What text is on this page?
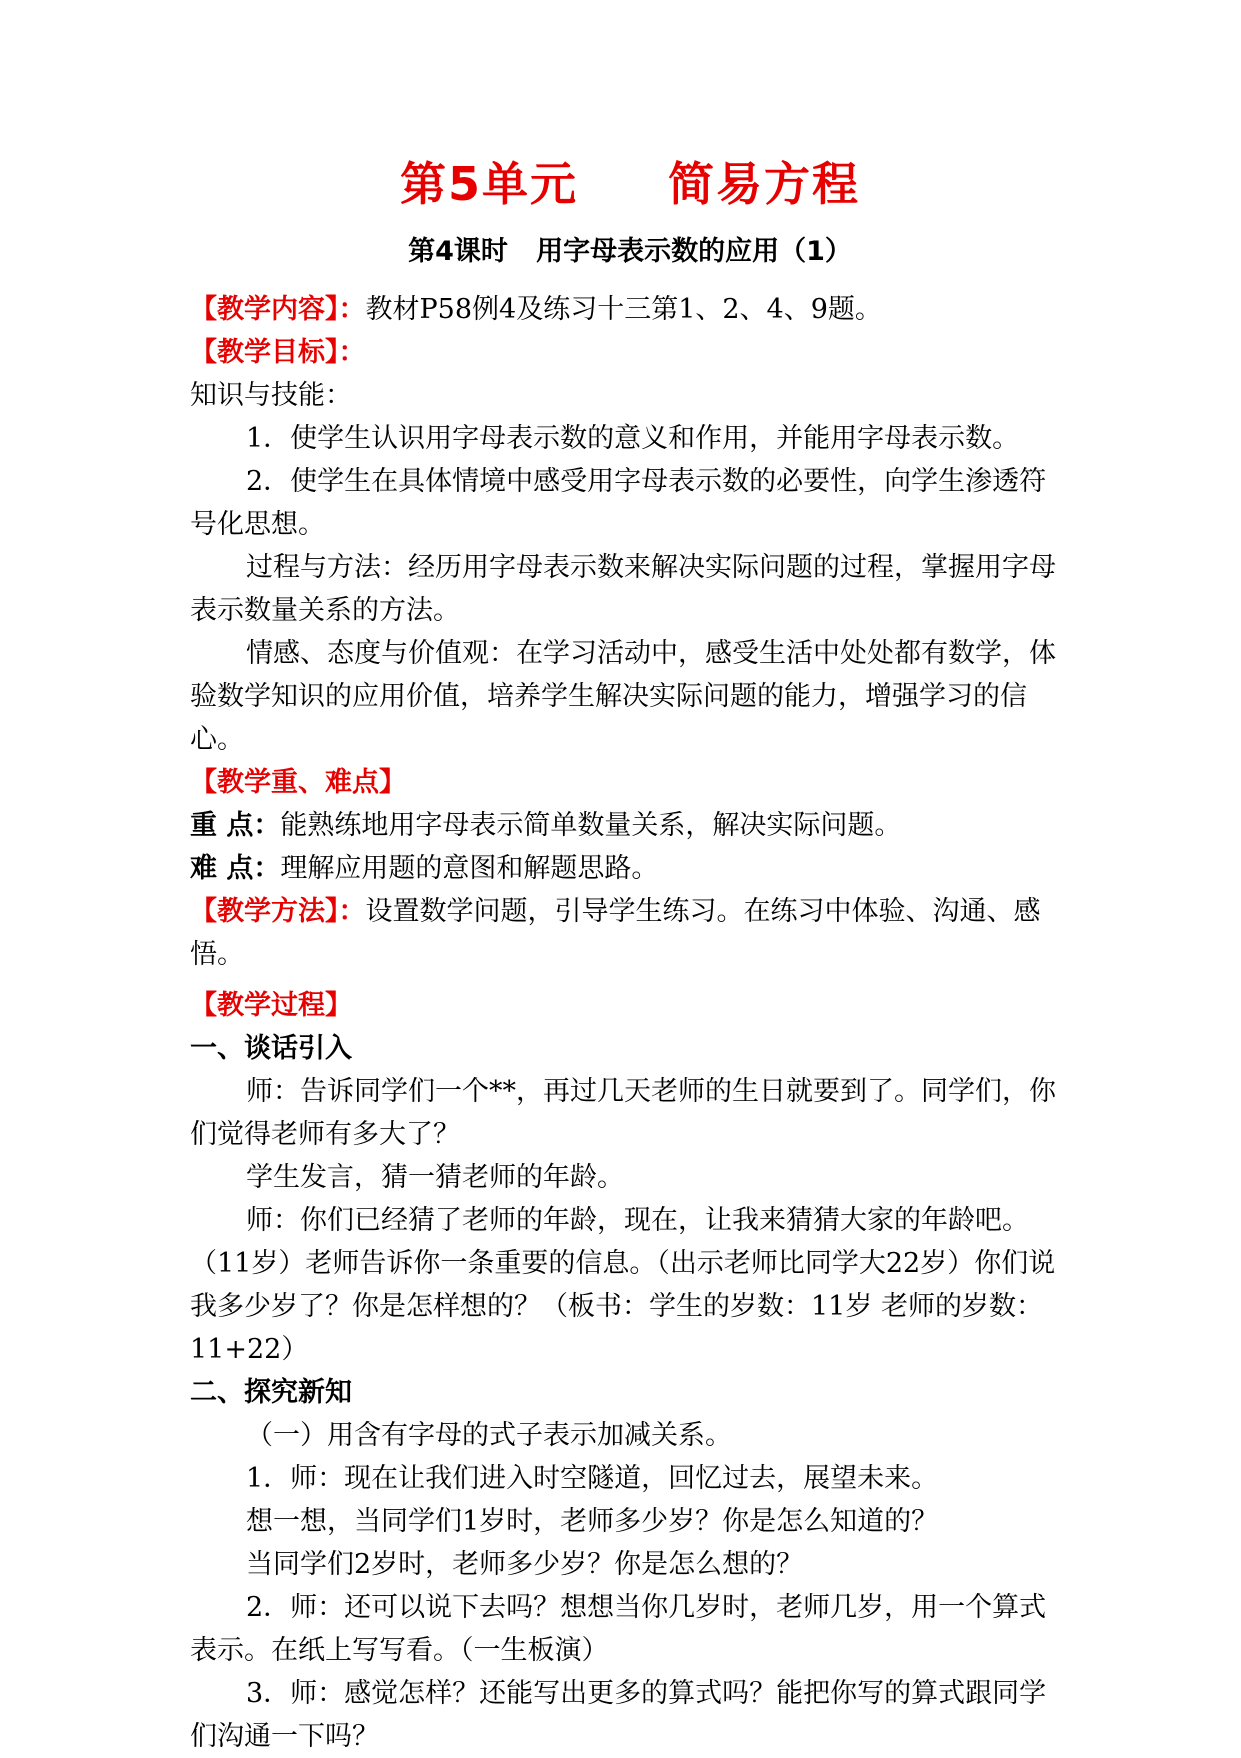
第5单元     简易方程
第4课时   用字母表示数的应用（1）

【教学内容】：教材P58例4及练习十三第1、2、4、9题。

【教学目标】：

知识与技能：

1．使学生认识用字母表示数的意义和作用，并能用字母表示数。

2．使学生在具体情境中感受用字母表示数的必要性，向学生渗透符号化思想。

过程与方法：经历用字母表示数来解决实际问题的过程，掌握用字母表示数量关系的方法。

情感、态度与价值观：在学习活动中，感受生活中处处都有数学，体验数学知识的应用价值，培养学生解决实际问题的能力，增强学习的信心。

【教学重、难点】

重 点：能熟练地用字母表示简单数量关系，解决实际问题。

难 点：理解应用题的意图和解题思路。

【教学方法】：设置数学问题，引导学生练习。在练习中体验、沟通、感悟。

【教学过程】

一、谈话引入

师：告诉同学们一个**，再过几天老师的生日就要到了。同学们，你们觉得老师有多大了？

学生发言，猜一猜老师的年龄。

师：你们已经猜了老师的年龄，现在，让我来猜猜大家的年龄吧。（11岁）老师告诉你一条重要的信息。（出示老师比同学大22岁）你们说我多少岁了？你是怎样想的？（板书：学生的岁数：11岁 老师的岁数：11+22）

二、探究新知

（一）用含有字母的式子表示加减关系。

1．师：现在让我们进入时空隧道，回忆过去，展望未来。

想一想，当同学们1岁时，老师多少岁？你是怎么知道的？

当同学们2岁时，老师多少岁？你是怎么想的？

2．师：还可以说下去吗？想想当你几岁时，老师几岁，用一个算式表示。在纸上写写看。（一生板演）

3．师：感觉怎样？还能写出更多的算式吗？能把你写的算式跟同学们沟通一下吗？
